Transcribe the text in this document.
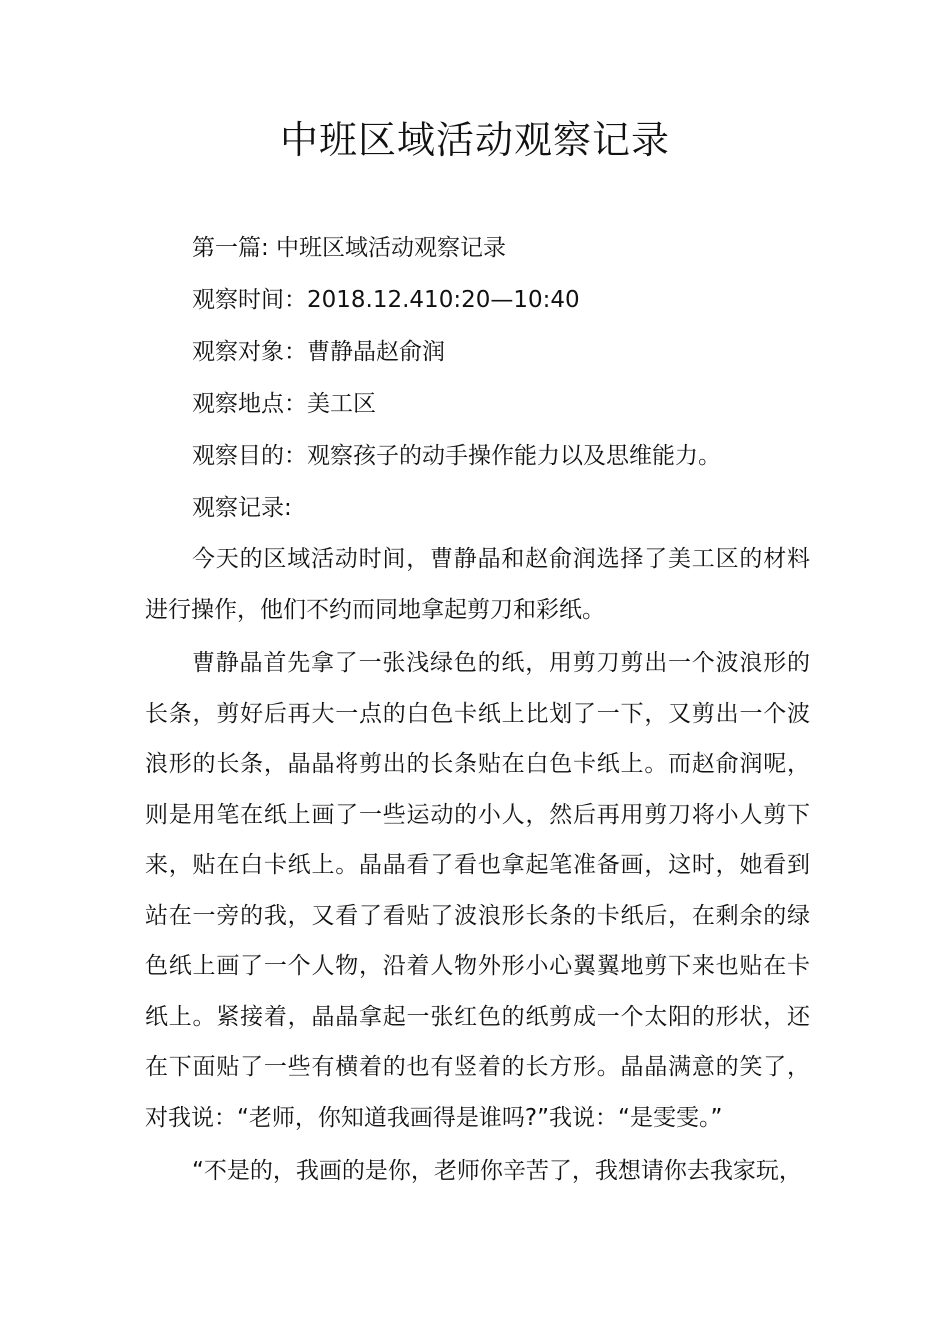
中班区域活动观察记录
第一篇: 中班区域活动观察记录
观察时间：2018.12.410:20—10:40
观察对象：曹静晶赵俞润
观察地点：美工区
观察目的：观察孩子的动手操作能力以及思维能力。
观察记录:

今天的区域活动时间，曹静晶和赵俞润选择了美工区的材料进行操作，他们不约而同地拿起剪刀和彩纸。

曹静晶首先拿了一张浅绿色的纸，用剪刀剪出一个波浪形的长条，剪好后再大一点的白色卡纸上比划了一下，又剪出一个波浪形的长条，晶晶将剪出的长条贴在白色卡纸上。而赵俞润呢，则是用笔在纸上画了一些运动的小人，然后再用剪刀将小人剪下来，贴在白卡纸上。晶晶看了看也拿起笔准备画，这时，她看到站在一旁的我，又看了看贴了波浪形长条的卡纸后，在剩余的绿色纸上画了一个人物，沿着人物外形小心翼翼地剪下来也贴在卡纸上。紧接着，晶晶拿起一张红色的纸剪成一个太阳的形状，还在下面贴了一些有横着的也有竖着的长方形。晶晶满意的笑了，对我说：“老师，你知道我画得是谁吗?”我说：“是雯雯。”

“不是的，我画的是你，老师你辛苦了，我想请你去我家玩，
